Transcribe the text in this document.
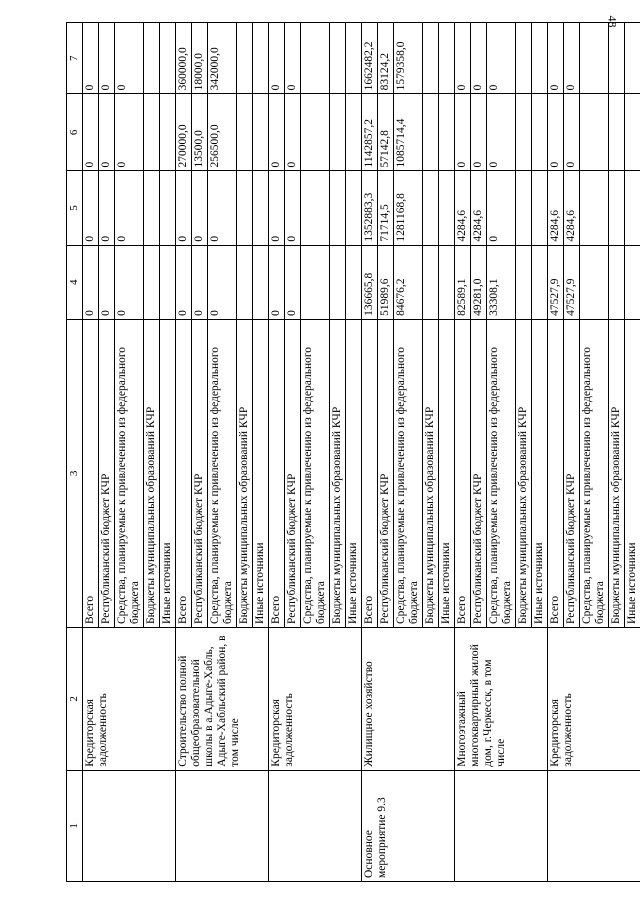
48
1	2	3	4	5	6	7
	Кредиторская задолженность	Всего	0	0	0	0
		Республиканский бюджет КЧР	0	0	0	0
		Средства, планируемые к привлечению из федерального бюджета	0	0	0	0
		Бюджеты муниципальных образований КЧР				
		Иные источники				
	Строительство полной общеобразовательной школы в а.Адыге-Хабль, Адыге-Хабльский район, в том числе	Всего	0	0	270000,0	360000,0
		Республиканский бюджет КЧР	0	0	13500,0	18000,0
		Средства, планируемые к привлечению из федерального бюджета	0	0	256500,0	342000,0
		Бюджеты муниципальных образований КЧР				
		Иные источники				
	Кредиторская задолженность	Всего	0	0	0	0
		Республиканский бюджет КЧР	0	0	0	0
		Средства, планируемые к привлечению из федерального бюджета				
		Бюджеты муниципальных образований КЧР				
		Иные источники				
Основное мероприятие 9.3	Жилищное хозяйство	Всего	136665,8	1352883,3	1142857,2	1662482,2
		Республиканский бюджет КЧР	51989,6	71714,5	57142,8	83124,2
		Средства, планируемые к привлечению из федерального бюджета	84676,2	1281168,8	1085714,4	1579358,0
		Бюджеты муниципальных образований КЧР				
		Иные источники				
	Многоэтажный многоквартирный жилой дом, г.Черкесск, в том числе	Всего	82589,1	4284,6	0	0
		Республиканский бюджет КЧР	49281,0	4284,6	0	0
		Средства, планируемые к привлечению из федерального бюджета	33308,1	0	0	0
		Бюджеты муниципальных образований КЧР				
		Иные источники				
	Кредиторская задолженность	Всего	47527,9	4284,6	0	0
		Республиканский бюджет КЧР	47527,9	4284,6	0	0
		Средства, планируемые к привлечению из федерального бюджета				
		Бюджеты муниципальных образований КЧР				
		Иные источники				
